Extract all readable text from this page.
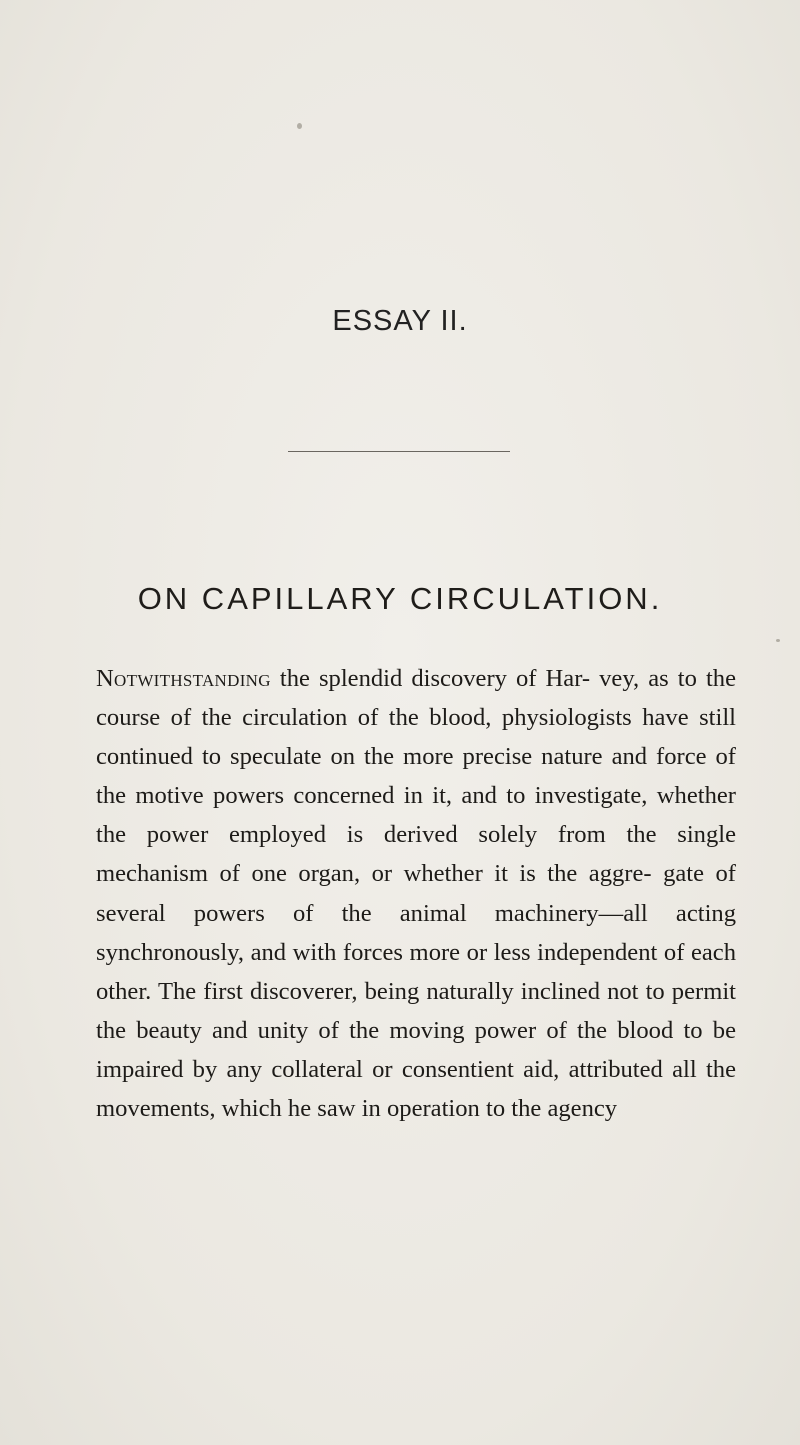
ESSAY II.
ON CAPILLARY CIRCULATION.

Notwithstanding the splendid discovery of Har- vey, as to the course of the circulation of the blood, physiologists have still continued to speculate on the more precise nature and force of the motive powers concerned in it, and to investigate, whether the power employed is derived solely from the single mechanism of one organ, or whether it is the aggre- gate of several powers of the animal machinery—all acting synchronously, and with forces more or less independent of each other. The first discoverer, being naturally inclined not to permit the beauty and unity of the moving power of the blood to be impaired by any collateral or consentient aid, attributed all the movements, which he saw in operation to the agency
